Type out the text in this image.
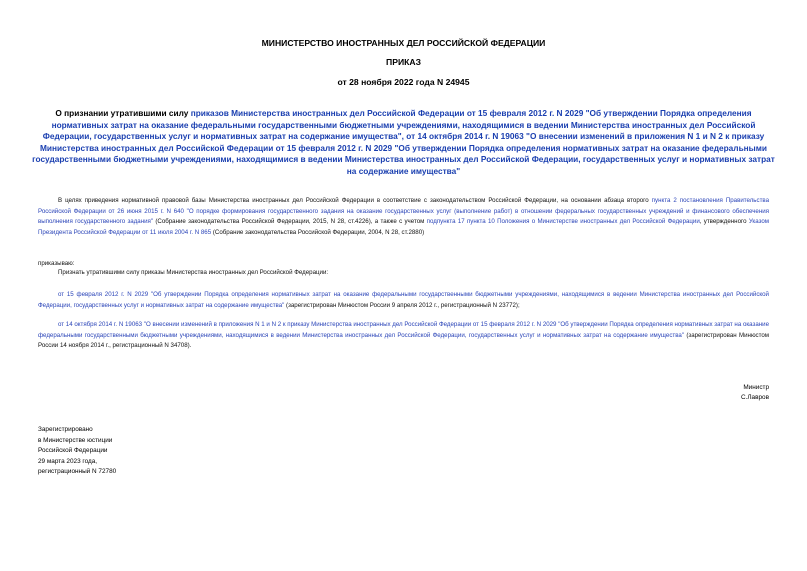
МИНИСТЕРСТВО ИНОСТРАННЫХ ДЕЛ РОССИЙСКОЙ ФЕДЕРАЦИИ
ПРИКАЗ
от 28 ноября 2022 года N 24945
О признании утратившими силу приказов Министерства иностранных дел Российской Федерации от 15 февраля 2012 г. N 2029 "Об утверждении Порядка определения нормативных затрат на оказание федеральными государственными бюджетными учреждениями, находящимися в ведении Министерства иностранных дел Российской Федерации, государственных услуг и нормативных затрат на содержание имущества", от 14 октября 2014 г. N 19063 "О внесении изменений в приложения N 1 и N 2 к приказу Министерства иностранных дел Российской Федерации от 15 февраля 2012 г. N 2029 "Об утверждении Порядка определения нормативных затрат на оказание федеральными государственными бюджетными учреждениями, находящимися в ведении Министерства иностранных дел Российской Федерации, государственных услуг и нормативных затрат на содержание имущества"
В целях приведения нормативной правовой базы Министерства иностранных дел Российской Федерации в соответствие с законодательством Российской Федерации, на основании абзаца второго пункта 2 постановления Правительства Российской Федерации от 26 июня 2015 г. N 640 "О порядке формирования государственного задания на оказание государственных услуг (выполнение работ) в отношении федеральных государственных учреждений и финансового обеспечения выполнения государственного задания" (Собрание законодательства Российской Федерации, 2015, N 28, ст.4226), а также с учетом подпункта 17 пункта 10 Положения о Министерстве иностранных дел Российской Федерации, утвержденного Указом Президента Российской Федерации от 11 июля 2004 г. N 865 (Собрание законодательства Российской Федерации, 2004, N 28, ст.2880)
приказываю:
Признать утратившими силу приказы Министерства иностранных дел Российской Федерации:
от 15 февраля 2012 г. N 2029 "Об утверждении Порядка определения нормативных затрат на оказание федеральными государственными бюджетными учреждениями, находящимися в ведении Министерства иностранных дел Российской Федерации, государственных услуг и нормативных затрат на содержание имущества" (зарегистрирован Минюстом России 9 апреля 2012 г., регистрационный N 23772);
от 14 октября 2014 г. N 19063 "О внесении изменений в приложения N 1 и N 2 к приказу Министерства иностранных дел Российской Федерации от 15 февраля 2012 г. N 2029 "Об утверждении Порядка определения нормативных затрат на оказание федеральными государственными бюджетными учреждениями, находящимися в ведении Министерства иностранных дел Российской Федерации, государственных услуг и нормативных затрат на содержание имущества" (зарегистрирован Минюстом России 14 ноября 2014 г., регистрационный N 34708).
Министр
С.Лавров
Зарегистрировано
в Министерстве юстиции
Российской Федерации
29 марта 2023 года,
регистрационный N 72780
